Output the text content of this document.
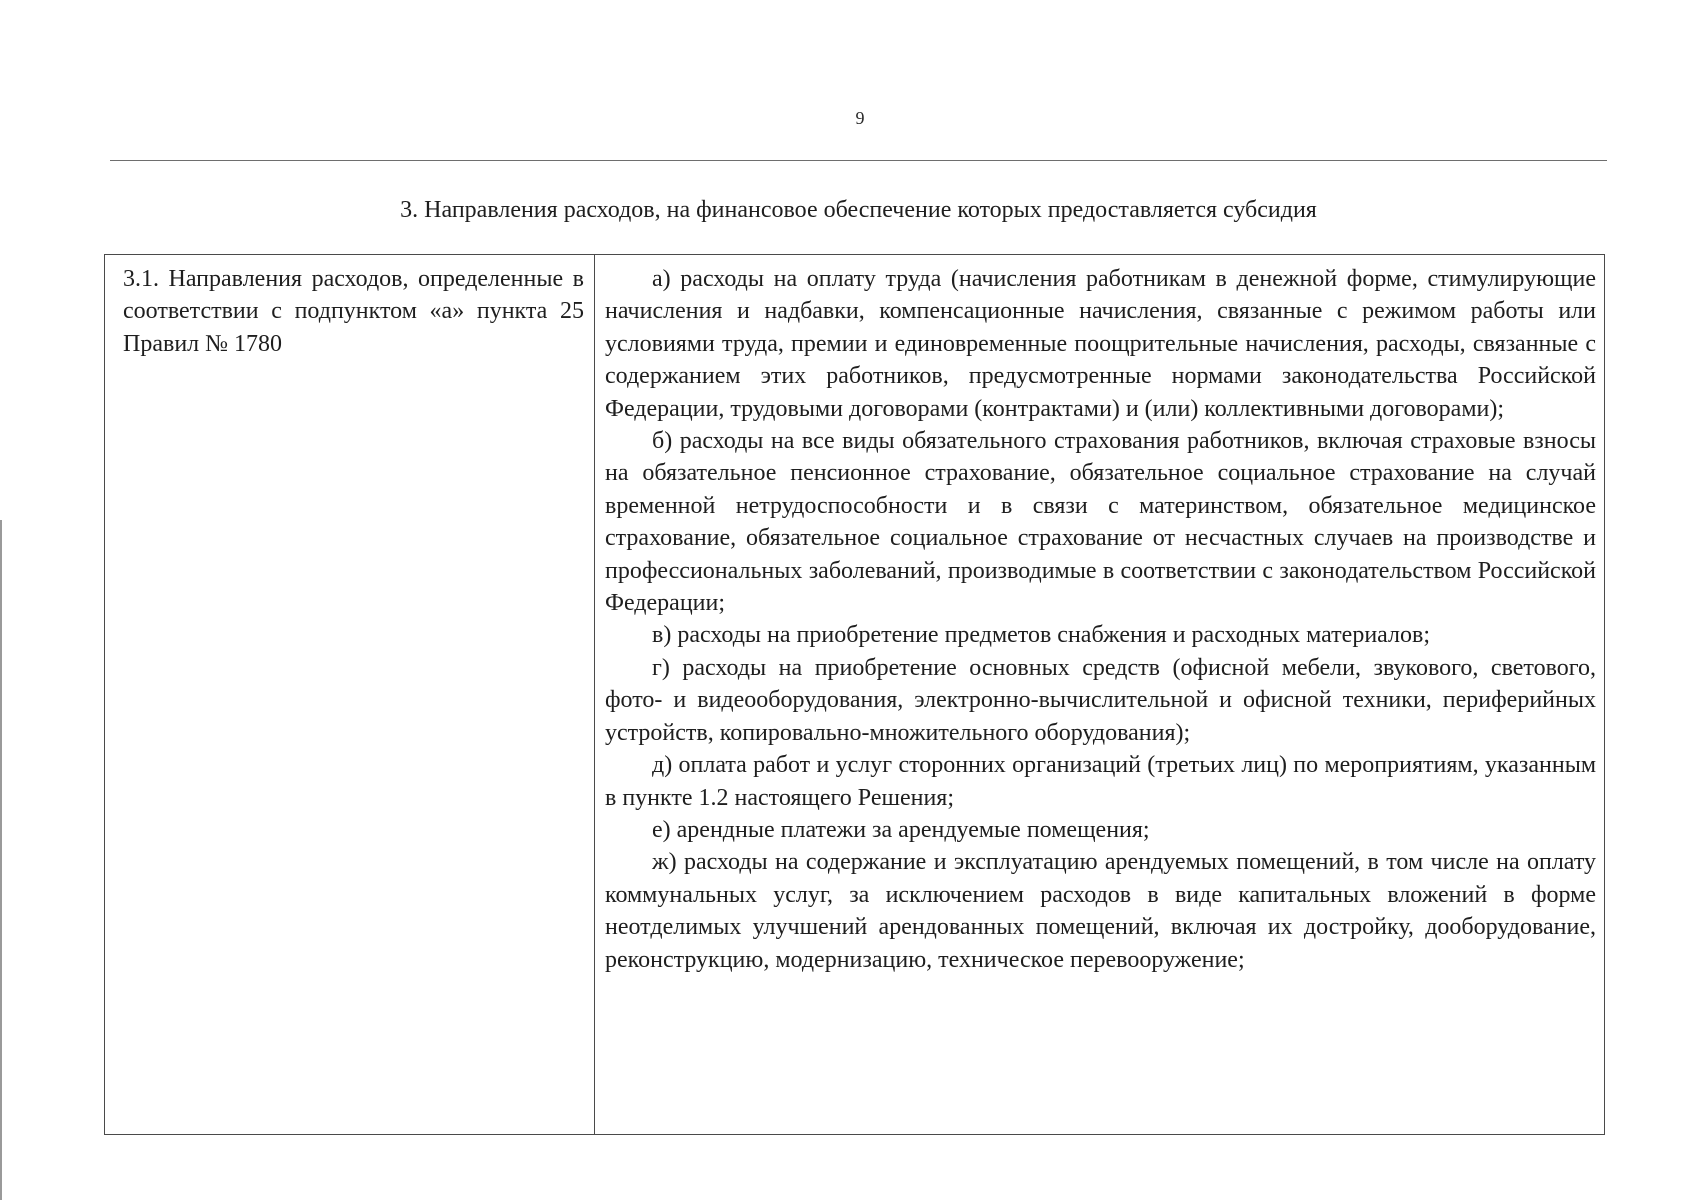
9
3. Направления расходов, на финансовое обеспечение которых предоставляется субсидия

3.1. Направления расходов, определенные в соответствии с подпунктом «а» пункта 25 Правил № 1780

а) расходы на оплату труда (начисления работникам в денежной форме, стимулирующие начисления и надбавки, компенсационные начисления, связанные с режимом работы или условиями труда, премии и единовременные поощрительные начисления, расходы, связанные с содержанием этих работников, предусмотренные нормами законодательства Российской Федерации, трудовыми договорами (контрактами) и (или) коллективными договорами);

б) расходы на все виды обязательного страхования работников, включая страховые взносы на обязательное пенсионное страхование, обязательное социальное страхование на случай временной нетрудоспособности и в связи с материнством, обязательное медицинское страхование, обязательное социальное страхование от несчастных случаев на производстве и профессиональных заболеваний, производимые в соответствии с законодательством Российской Федерации;

в) расходы на приобретение предметов снабжения и расходных материалов;

г) расходы на приобретение основных средств (офисной мебели, звукового, светового, фото- и видеооборудования, электронно-вычислительной и офисной техники, периферийных устройств, копировально-множительного оборудования);

д) оплата работ и услуг сторонних организаций (третьих лиц) по мероприятиям, указанным в пункте 1.2 настоящего Решения;

е) арендные платежи за арендуемые помещения;

ж) расходы на содержание и эксплуатацию арендуемых помещений, в том числе на оплату коммунальных услуг, за исключением расходов в виде капитальных вложений в форме неотделимых улучшений арендованных помещений, включая их достройку, дооборудование, реконструкцию, модернизацию, техническое перевооружение;
